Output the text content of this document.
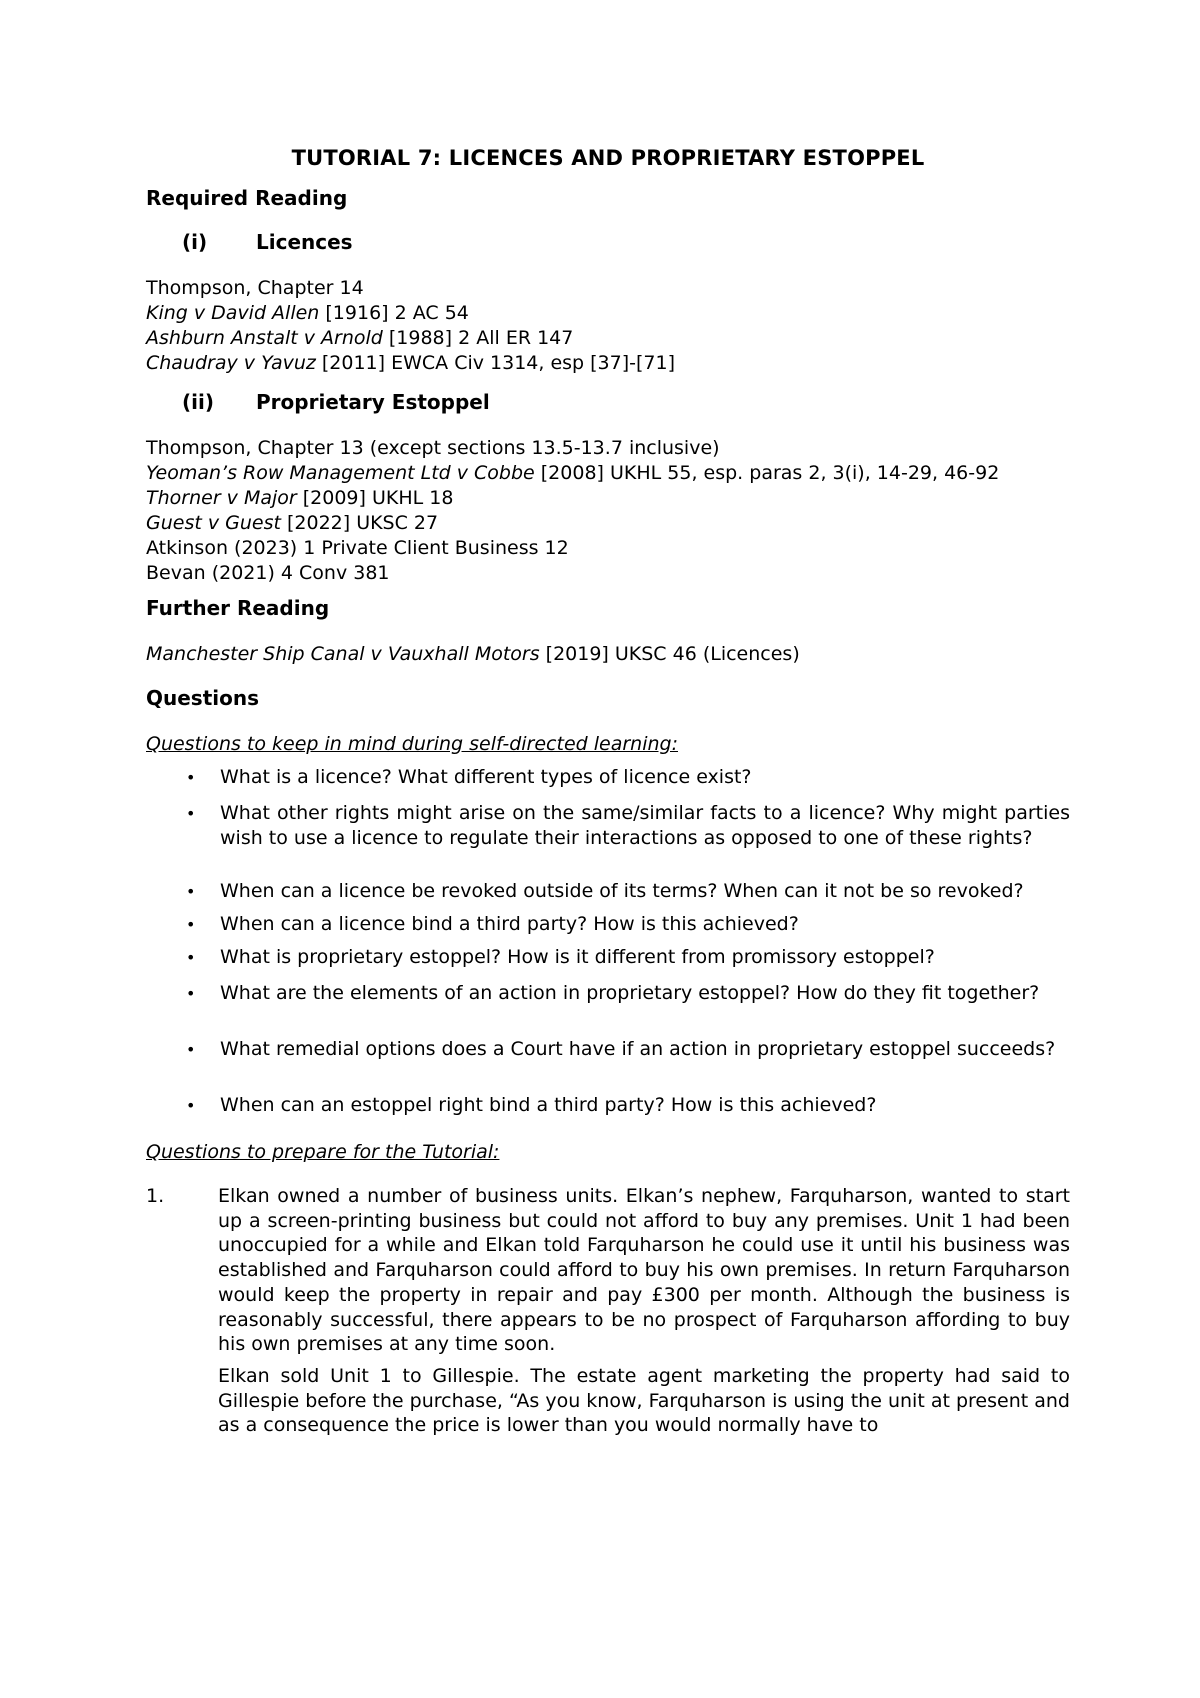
TUTORIAL 7: LICENCES AND PROPRIETARY ESTOPPEL
Required Reading
(i) Licences
Thompson, Chapter 14
King v David Allen [1916] 2 AC 54
Ashburn Anstalt v Arnold [1988] 2 All ER 147
Chaudray v Yavuz [2011] EWCA Civ 1314, esp [37]-[71]
(ii) Proprietary Estoppel
Thompson, Chapter 13 (except sections 13.5-13.7 inclusive)
Yeoman’s Row Management Ltd v Cobbe [2008] UKHL 55, esp. paras 2, 3(i), 14-29, 46-92
Thorner v Major [2009] UKHL 18
Guest v Guest [2022] UKSC 27
Atkinson (2023) 1 Private Client Business 12
Bevan (2021) 4 Conv 381
Further Reading
Manchester Ship Canal v Vauxhall Motors [2019] UKSC 46 (Licences)
Questions
Questions to keep in mind during self-directed learning:
• What is a licence? What different types of licence exist?
• What other rights might arise on the same/similar facts to a licence? Why might parties wish to use a licence to regulate their interactions as opposed to one of these rights?
• When can a licence be revoked outside of its terms? When can it not be so revoked?
• When can a licence bind a third party? How is this achieved?
• What is proprietary estoppel? How is it different from promissory estoppel?
• What are the elements of an action in proprietary estoppel? How do they fit together?
• What remedial options does a Court have if an action in proprietary estoppel succeeds?
• When can an estoppel right bind a third party? How is this achieved?
Questions to prepare for the Tutorial:
1.	Elkan owned a number of business units. Elkan’s nephew, Farquharson, wanted to start up a screen-printing business but could not afford to buy any premises. Unit 1 had been unoccupied for a while and Elkan told Farquharson he could use it until his business was established and Farquharson could afford to buy his own premises. In return Farquharson would keep the property in repair and pay £300 per month. Although the business is reasonably successful, there appears to be no prospect of Farquharson affording to buy his own premises at any time soon.
Elkan sold Unit 1 to Gillespie. The estate agent marketing the property had said to Gillespie before the purchase, “As you know, Farquharson is using the unit at present and as a consequence the price is lower than you would normally have to
